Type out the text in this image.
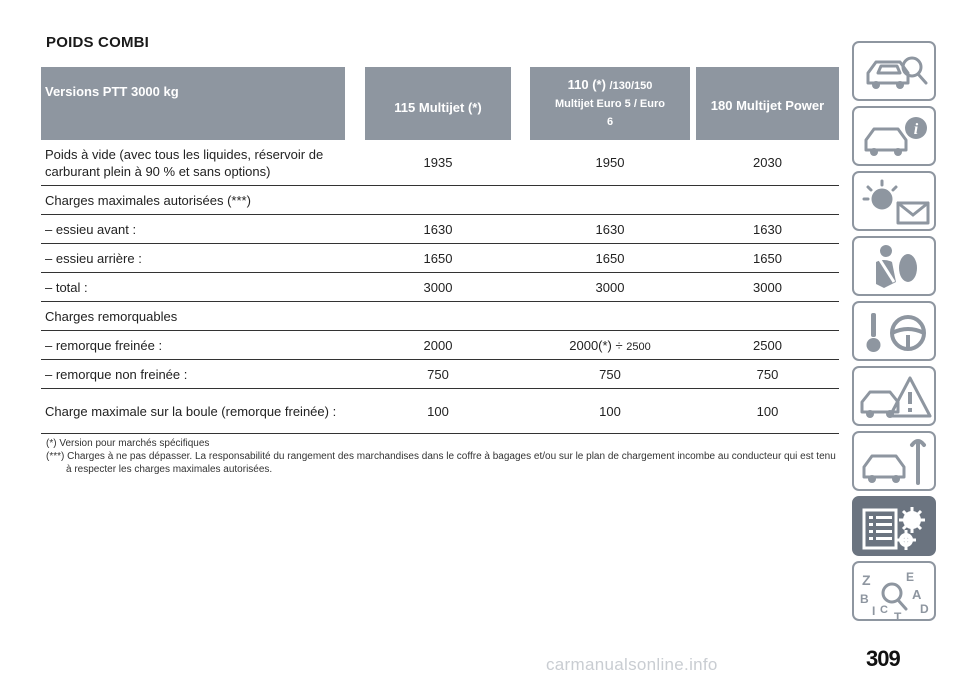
POIDS COMBI
Versions PTT 3000 kg		115 Multijet (*)		110 (*) /130/150
Multijet Euro 5 / Euro
6		180 Multijet Power
Poids à vide (avec tous les liquides, réservoir de carburant plein à 90 % et sans options)		1935		1950		2030
Charges maximales autorisées (***)						
– essieu avant :		1630		1630		1630
– essieu arrière :		1650		1650		1650
– total :		3000		3000		3000
Charges remorquables						
– remorque freinée :		2000		2000(*) ÷ 2500		2500
– remorque non freinée :		750		750		750
Charge maximale sur la boule (remorque freinée) :		100		100		100

(*) Version pour marchés spécifiques

(***) Charges à ne pas dépasser. La responsabilité du rangement des marchandises dans le coffre à bagages et/ou sur le plan de chargement incombe au conducteur qui est tenu à respecter les charges maximales autorisées.

i
Z	E
B	A
I C	D
T
309
carmanualsonline.info
